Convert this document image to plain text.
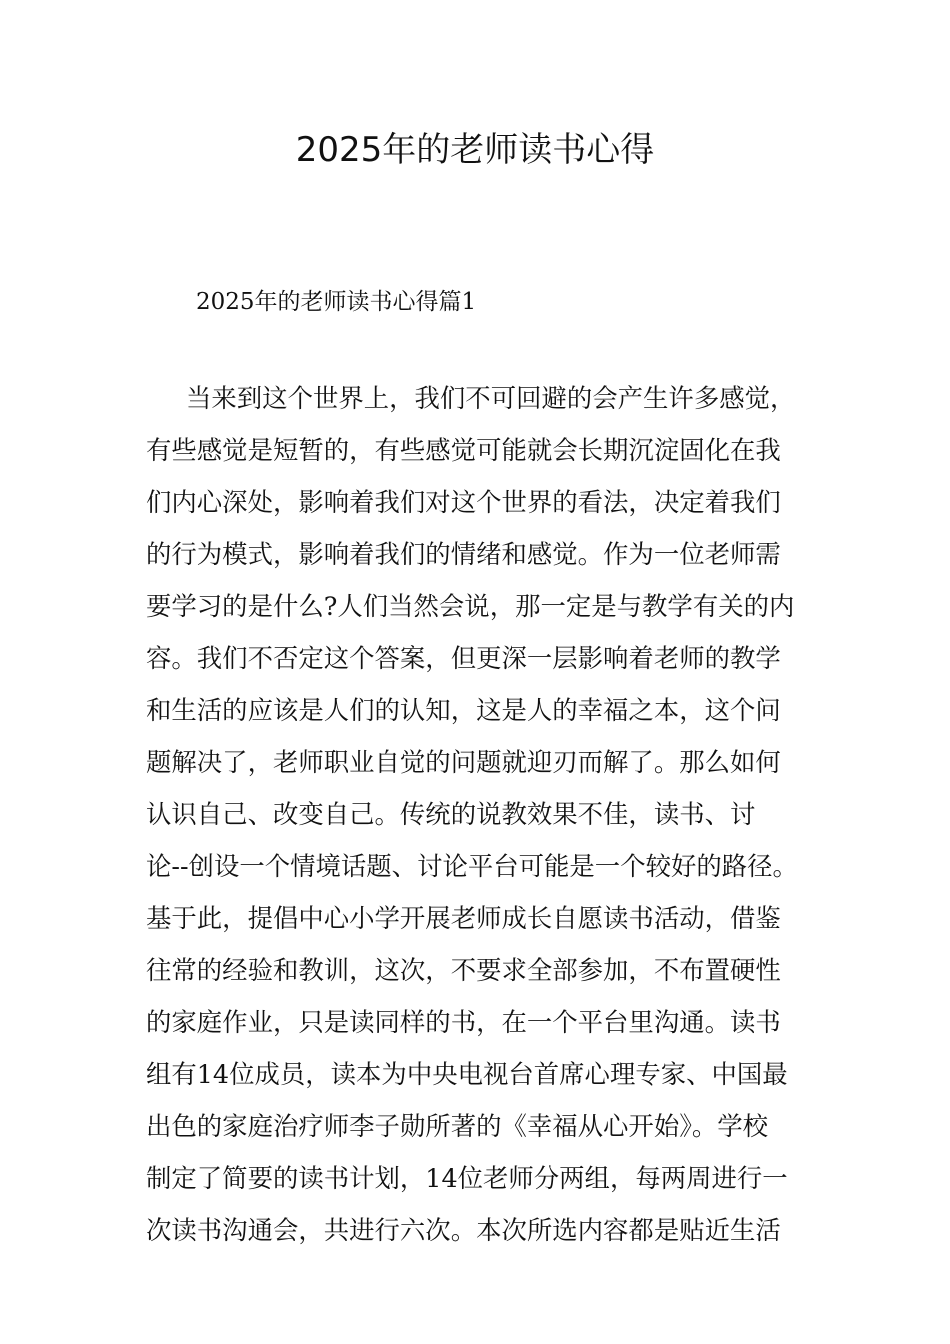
2025年的老师读书心得
2025年的老师读书心得篇1
当来到这个世界上，我们不可回避的会产生许多感觉，
有些感觉是短暂的，有些感觉可能就会长期沉淀固化在我
们内心深处，影响着我们对这个世界的看法，决定着我们
的行为模式，影响着我们的情绪和感觉。作为一位老师需
要学习的是什么?人们当然会说，那一定是与教学有关的内
容。我们不否定这个答案，但更深一层影响着老师的教学
和生活的应该是人们的认知，这是人的幸福之本，这个问
题解决了，老师职业自觉的问题就迎刃而解了。那么如何
认识自己、改变自己。传统的说教效果不佳，读书、讨
论--创设一个情境话题、讨论平台可能是一个较好的路径。
基于此，提倡中心小学开展老师成长自愿读书活动，借鉴
往常的经验和教训，这次，不要求全部参加，不布置硬性
的家庭作业，只是读同样的书，在一个平台里沟通。读书
组有14位成员，读本为中央电视台首席心理专家、中国最
出色的家庭治疗师李子勋所著的《幸福从心开始》。学校
制定了简要的读书计划，14位老师分两组，每两周进行一
次读书沟通会，共进行六次。本次所选内容都是贴近生活
